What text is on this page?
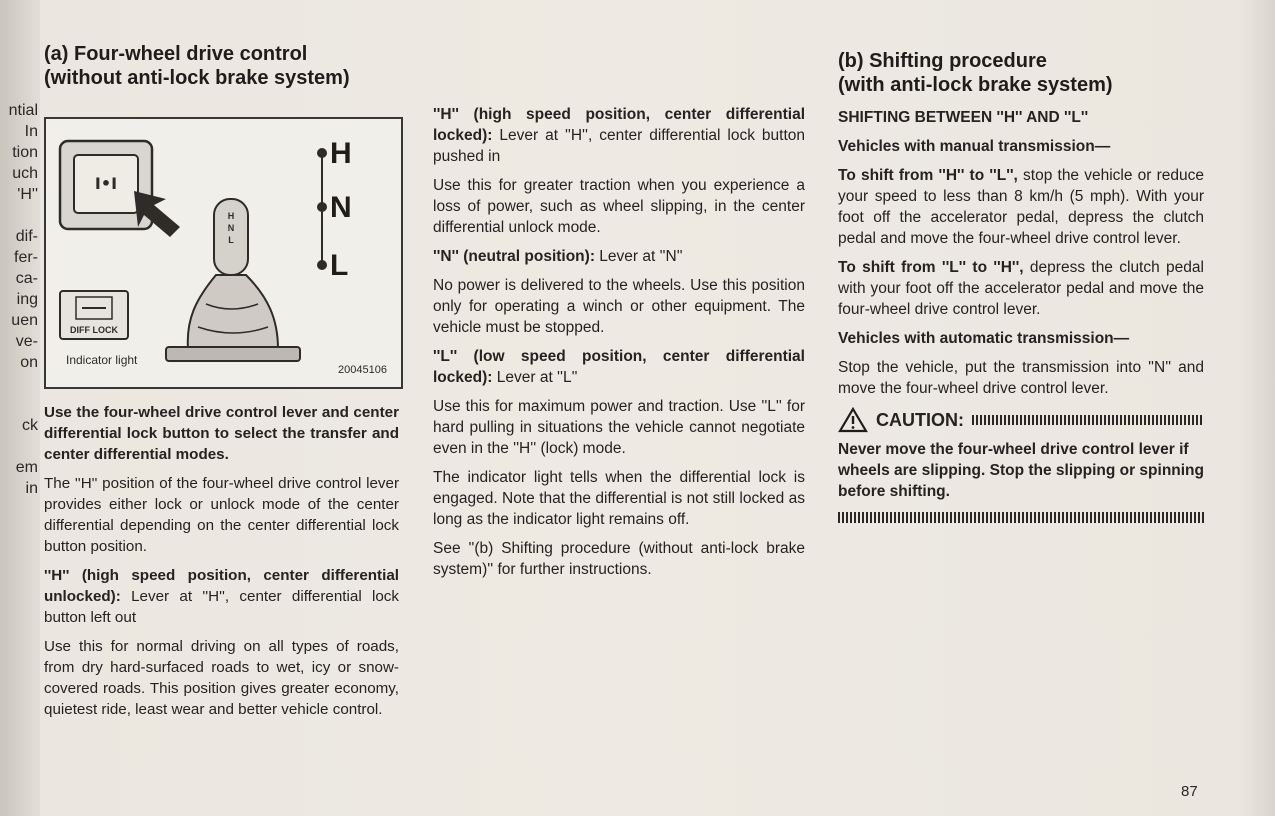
ntial
In
tion
uch
'H''

dif-
fer-
ca-
ing
uen
ve-
on

ck

em
in
(a) Four-wheel drive control
(without anti-lock brake system)
I•I
H
N
L
H
N
L
DIFF LOCK
Indicator light
20045106

Use the four-wheel drive control lever and center differential lock button to select the transfer and center differential modes.

The ''H'' position of the four-wheel drive control lever provides either lock or unlock mode of the center differential depending on the center differential lock button position.

''H'' (high speed position, center differential unlocked): Lever at ''H'', center differential lock button left out

Use this for normal driving on all types of roads, from dry hard-surfaced roads to wet, icy or snow-covered roads. This position gives greater economy, quietest ride, least wear and better vehicle control.

''H'' (high speed position, center differential locked): Lever at ''H'', center differential lock button pushed in

Use this for greater traction when you experience a loss of power, such as wheel slipping, in the center differential unlock mode.

''N'' (neutral position): Lever at ''N''

No power is delivered to the wheels. Use this position only for operating a winch or other equipment. The vehicle must be stopped.

''L'' (low speed position, center differential locked): Lever at ''L''

Use this for maximum power and traction. Use ''L'' for hard pulling in situations the vehicle cannot negotiate even in the ''H'' (lock) mode.

The indicator light tells when the differential lock is engaged. Note that the differential is not still locked as long as the indicator light remains off.

See ''(b) Shifting procedure (without anti-lock brake system)'' for further instructions.

(b) Shifting procedure
(with anti-lock brake system)

SHIFTING BETWEEN ''H'' AND ''L''

Vehicles with manual transmission—

To shift from ''H'' to ''L'', stop the vehicle or reduce your speed to less than 8 km/h (5 mph). With your foot off the accelerator pedal, depress the clutch pedal and move the four-wheel drive control lever.

To shift from ''L'' to ''H'', depress the clutch pedal with your foot off the accelerator pedal and move the four-wheel drive control lever.

Vehicles with automatic transmission—

Stop the vehicle, put the transmission into ''N'' and move the four-wheel drive control lever.

CAUTION:

Never move the four-wheel drive control lever if wheels are slipping. Stop the slipping or spinning before shifting.

87
